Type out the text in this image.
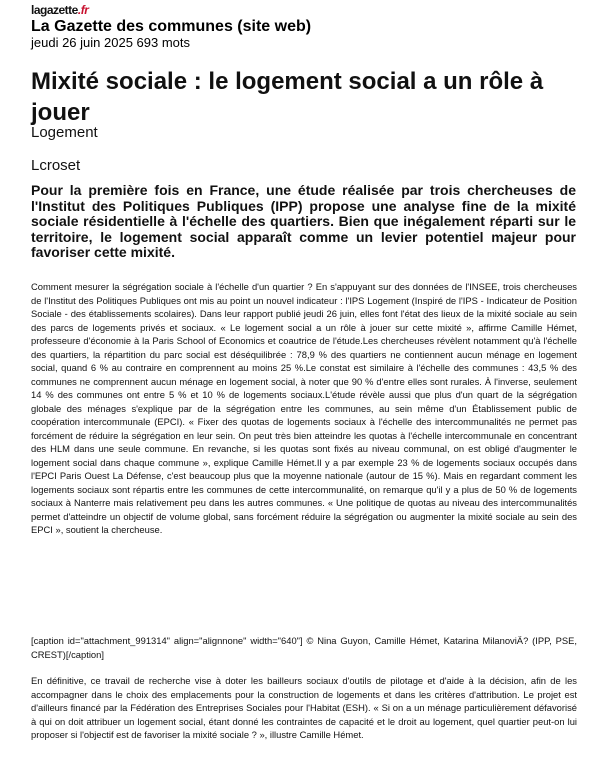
lagazette.fr
La Gazette des communes (site web)
jeudi 26 juin 2025 693 mots
Mixité sociale : le logement social a un rôle à jouer
Logement
Lcroset
Pour la première fois en France, une étude réalisée par trois chercheuses de l'Institut des Politiques Publiques (IPP) propose une analyse fine de la mixité sociale résidentielle à l'échelle des quartiers. Bien que inégalement réparti sur le territoire, le logement social apparaît comme un levier potentiel majeur pour favoriser cette mixité.

Comment mesurer la ségrégation sociale à l'échelle d'un quartier ? En s'appuyant sur des données de l'INSEE, trois chercheuses de l'Institut des Politiques Publiques ont mis au point un nouvel indicateur : l'IPS Logement (Inspiré de l'IPS - Indicateur de Position Sociale - des établissements scolaires). Dans leur rapport publié jeudi 26 juin, elles font l'état des lieux de la mixité sociale au sein des parcs de logements privés et sociaux. « Le logement social a un rôle à jouer sur cette mixité », affirme Camille Hémet, professeure d'économie à la Paris School of Economics et coautrice de l'étude.Les chercheuses révèlent notamment qu'à l'échelle des quartiers, la répartition du parc social est déséquilibrée : 78,9 % des quartiers ne contiennent aucun ménage en logement social, quand 6 % au contraire en comprennent au moins 25 %.Le constat est similaire à l'échelle des communes : 43,5 % des communes ne comprennent aucun ménage en logement social, à noter que 90 % d'entre elles sont rurales. À l'inverse, seulement 14 % des communes ont entre 5 % et 10 % de logements sociaux.L'étude révèle aussi que plus d'un quart de la ségrégation globale des ménages s'explique par de la ségrégation entre les communes, au sein même d'un Établissement public de coopération intercommunale (EPCI). « Fixer des quotas de logements sociaux à l'échelle des intercommunalités ne permet pas forcément de réduire la ségrégation en leur sein. On peut très bien atteindre les quotas à l'échelle intercommunale en concentrant des HLM dans une seule commune. En revanche, si les quotas sont fixés au niveau communal, on est obligé d'augmenter le logement social dans chaque commune », explique Camille Hémet.Il y a par exemple 23 % de logements sociaux occupés dans l'EPCI Paris Ouest La Défense, c'est beaucoup plus que la moyenne nationale (autour de 15 %). Mais en regardant comment les logements sociaux sont répartis entre les communes de cette intercommunalité, on remarque qu'il y a plus de 50 % de logements sociaux à Nanterre mais relativement peu dans les autres communes. « Une politique de quotas au niveau des intercommunalités permet d'atteindre un objectif de volume global, sans forcément réduire la ségrégation ou augmenter la mixité sociale au sein des EPCI », soutient la chercheuse.

[caption id="attachment_991314" align="alignnone" width="640"] © Nina Guyon, Camille Hémet, Katarina MilanoviÄ? (IPP, PSE, CREST)[/caption]

En définitive, ce travail de recherche vise à doter les bailleurs sociaux d'outils de pilotage et d'aide à la décision, afin de les accompagner dans le choix des emplacements pour la construction de logements et dans les critères d'attribution. Le projet est d'ailleurs financé par la Fédération des Entreprises Sociales pour l'Habitat (ESH). « Si on a un ménage particulièrement défavorisé à qui on doit attribuer un logement social, étant donné les contraintes de capacité et le droit au logement, quel quartier peut-on lui proposer si l'objectif est de favoriser la mixité sociale ? », illustre Camille Hémet.
